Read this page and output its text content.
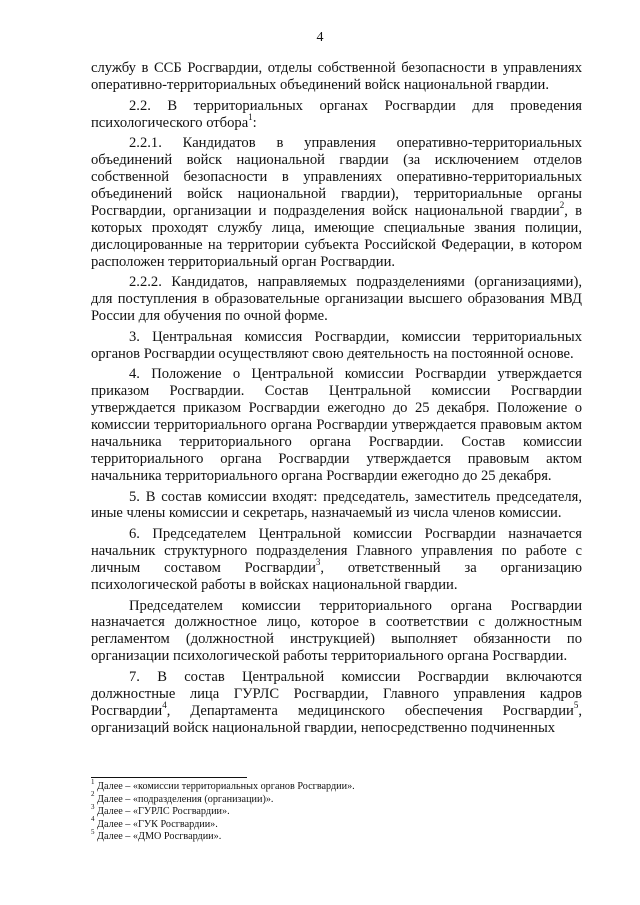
4

службу в ССБ Росгвардии, отделы собственной безопасности в управлениях оперативно-территориальных объединений войск национальной гвардии.

2.2. В территориальных органах Росгвардии для проведения психологического отбора$^1$:

2.2.1. Кандидатов в управления оперативно-территориальных объединений войск национальной гвардии (за исключением отделов собственной безопасности в управлениях оперативно-территориальных объединений войск национальной гвардии), территориальные органы Росгвардии, организации и подразделения войск национальной гвардии$^2$, в которых проходят службу лица, имеющие специальные звания полиции, дислоцированные на территории субъекта Российской Федерации, в котором расположен территориальный орган Росгвардии.

2.2.2. Кандидатов, направляемых подразделениями (организациями), для поступления в образовательные организации высшего образования МВД России для обучения по очной форме.

3. Центральная комиссия Росгвардии, комиссии территориальных органов Росгвардии осуществляют свою деятельность на постоянной основе.

4. Положение о Центральной комиссии Росгвардии утверждается приказом Росгвардии. Состав Центральной комиссии Росгвардии утверждается приказом Росгвардии ежегодно до 25 декабря. Положение о комиссии территориального органа Росгвардии утверждается правовым актом начальника территориального органа Росгвардии. Состав комиссии территориального органа Росгвардии утверждается правовым актом начальника территориального органа Росгвардии ежегодно до 25 декабря.

5. В состав комиссии входят: председатель, заместитель председателя, иные члены комиссии и секретарь, назначаемый из числа членов комиссии.

6. Председателем Центральной комиссии Росгвардии назначается начальник структурного подразделения Главного управления по работе с личным составом Росгвардии$^3$, ответственный за организацию психологической работы в войсках национальной гвардии.

Председателем комиссии территориального органа Росгвардии назначается должностное лицо, которое в соответствии с должностным регламентом (должностной инструкцией) выполняет обязанности по организации психологической работы территориального органа Росгвардии.

7. В состав Центральной комиссии Росгвардии включаются должностные лица ГУРЛС Росгвардии, Главного управления кадров Росгвардии$^4$, Департамента медицинского обеспечения Росгвардии$^5$, организаций войск национальной гвардии, непосредственно подчиненных

$^1$ Далее – «комиссии территориальных органов Росгвардии».
$^2$ Далее – «подразделения (организации)».
$^3$ Далее – «ГУРЛС Росгвардии».
$^4$ Далее – «ГУК Росгвардии».
$^5$ Далее – «ДМО Росгвардии».
